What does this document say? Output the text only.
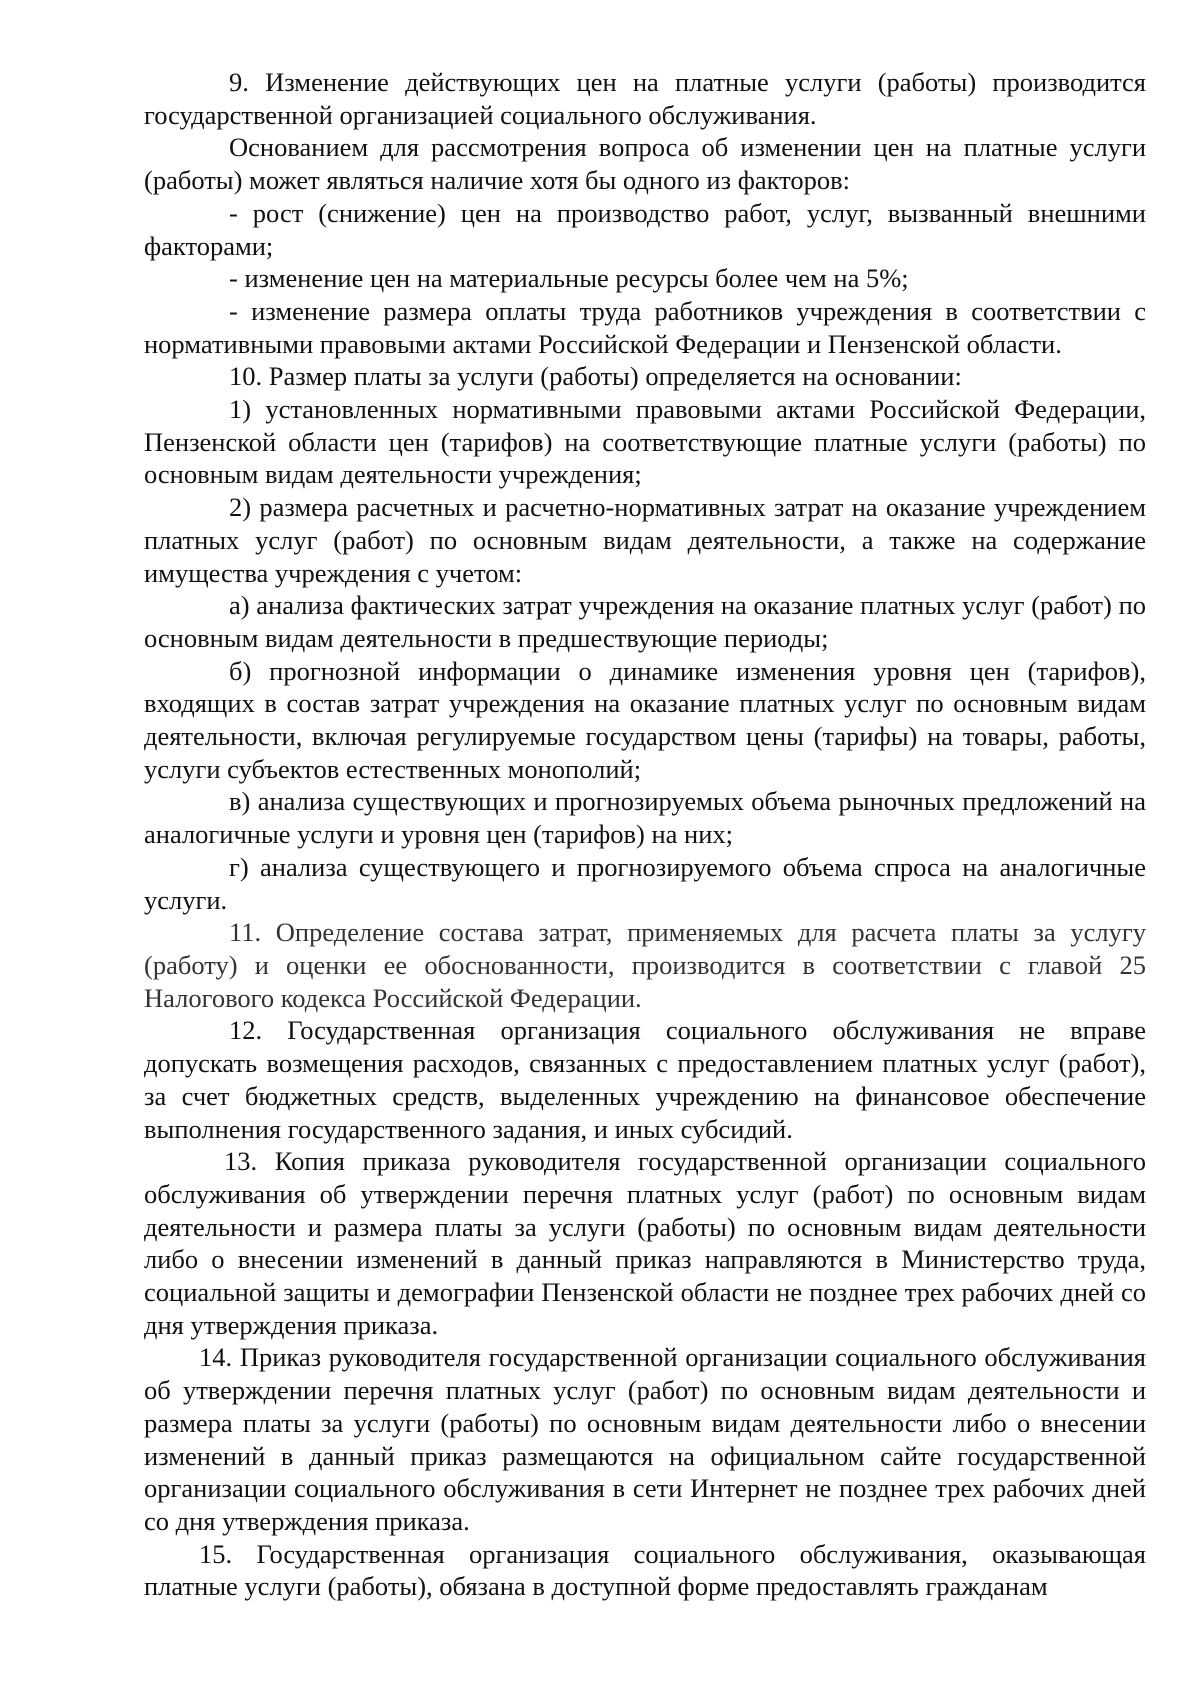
9. Изменение действующих цен на платные услуги (работы) производится государственной организацией социального обслуживания.

Основанием для рассмотрения вопроса об изменении цен на платные услуги (работы) может являться наличие хотя бы одного из факторов:

- рост (снижение) цен на производство работ, услуг, вызванный внешними факторами;

- изменение цен на материальные ресурсы более чем на 5%;

- изменение размера оплаты труда работников учреждения в соответствии с нормативными правовыми актами Российской Федерации и Пензенской области.

10. Размер платы за услуги (работы) определяется на основании:

1) установленных нормативными правовыми актами Российской Федерации, Пензенской области цен (тарифов) на соответствующие платные услуги (работы) по основным видам деятельности учреждения;

2) размера расчетных и расчетно-нормативных затрат на оказание учреждением платных услуг (работ) по основным видам деятельности, а также на содержание имущества учреждения с учетом:

а) анализа фактических затрат учреждения на оказание платных услуг (работ) по основным видам деятельности в предшествующие периоды;

б) прогнозной информации о динамике изменения уровня цен (тарифов), входящих в состав затрат учреждения на оказание платных услуг по основным видам деятельности, включая регулируемые государством цены (тарифы) на товары, работы, услуги субъектов естественных монополий;

в) анализа существующих и прогнозируемых объема рыночных предложений на аналогичные услуги и уровня цен (тарифов) на них;

г) анализа существующего и прогнозируемого объема спроса на аналогичные услуги.

11. Определение состава затрат, применяемых для расчета платы за услугу (работу) и оценки ее обоснованности, производится в соответствии с главой 25 Налогового кодекса Российской Федерации.

12. Государственная организация социального обслуживания не вправе допускать возмещения расходов, связанных с предоставлением платных услуг (работ), за счет бюджетных средств, выделенных учреждению на финансовое обеспечение выполнения государственного задания, и иных субсидий.

13. Копия приказа руководителя государственной организации социального обслуживания об утверждении перечня платных услуг (работ) по основным видам деятельности и размера платы за услуги (работы) по основным видам деятельности либо о внесении изменений в данный приказ направляются в Министерство труда, социальной защиты и демографии Пензенской области не позднее трех рабочих дней со дня утверждения приказа.

14. Приказ руководителя государственной организации социального обслуживания об утверждении перечня платных услуг (работ) по основным видам деятельности и размера платы за услуги (работы) по основным видам деятельности либо о внесении изменений в данный приказ размещаются на официальном сайте государственной организации социального обслуживания в сети Интернет не позднее трех рабочих дней со дня утверждения приказа.

15. Государственная организация социального обслуживания, оказывающая платные услуги (работы), обязана в доступной форме предоставлять гражданам
